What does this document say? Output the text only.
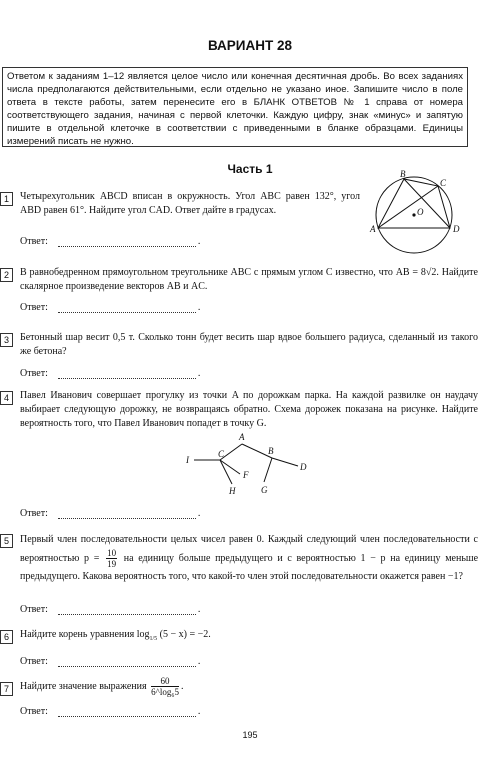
ВАРИАНТ 28
Ответом к заданиям 1–12 является целое число или конечная десятичная дробь. Во всех заданиях числа предполагаются действительными, если отдельно не указано иное. Запишите число в поле ответа в тексте работы, затем перенесите его в БЛАНК ОТВЕТОВ № 1 справа от номера соответствующего задания, начиная с первой клеточки. Каждую цифру, знак «минус» и запятую пишите в отдельной клеточке в соответствии с приведенными в бланке образцами. Единицы измерений писать не нужно.
Часть 1
1	Четырехугольник ABCD вписан в окружность. Угол ABC равен 132°, угол ABD равен 61°. Найдите угол CAD. Ответ дайте в градусах.
Ответ:	.
A
B
C
D
O
2	В равнобедренном прямоугольном треугольнике ABC с прямым углом C известно, что AB = 8√2. Найдите скалярное произведение векторов AB и AC.
Ответ:	.
3	Бетонный шар весит 0,5 т. Сколько тонн будет весить шар вдвое большего радиуса, сделанный из такого же бетона?
Ответ:	.
4	Павел Иванович совершает прогулку из точки A по дорожкам парка. На каждой развилке он наудачу выбирает следующую дорожку, не возвращаясь обратно. Схема дорожек показана на рисунке. Найдите вероятность того, что Павел Иванович попадет в точку G.
A
B
C
D
I
F
H	G
Ответ:	.
5	Первый член последовательности целых чисел равен 0. Каждый следующий член последовательности с вероятностью $p = \frac{10}{19}$ на единицу больше предыдущего и с вероятностью 1 − p на единицу меньше предыдущего. Какова вероятность того, что какой-то член этой последовательности окажется равен −1?
Ответ:	.
6	Найдите корень уравнения $\log_{1/5} (5 - x) = -2$.
Ответ:	.
7	Найдите значение выражения $\frac{60}{\text{6\textasciicircum{}log₆5}}$ .
Ответ:	.
195
